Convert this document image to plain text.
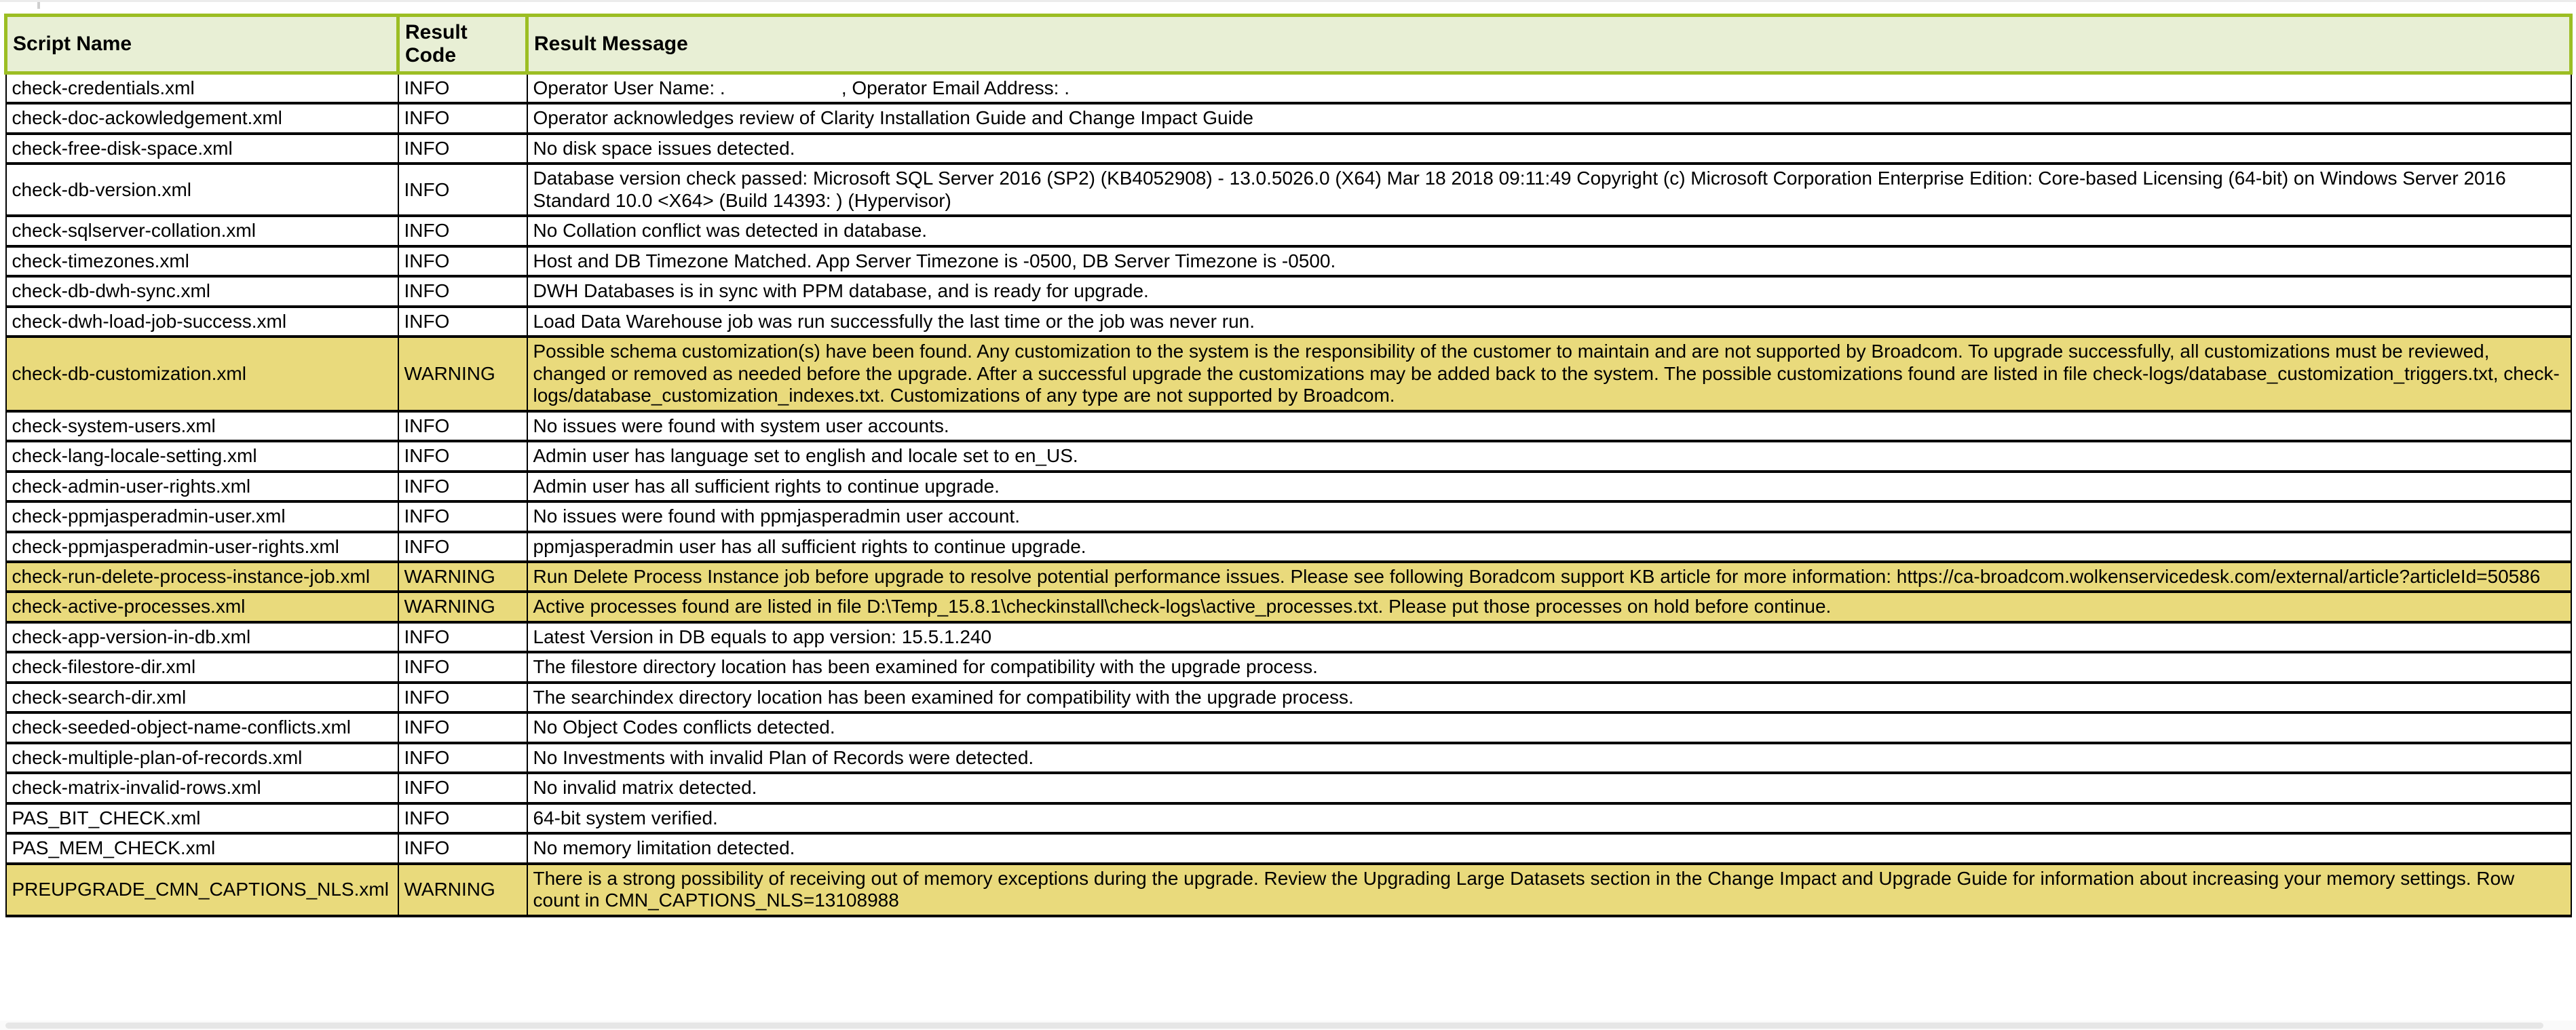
Script Name	Result Code	Result Message
check-credentials.xml	INFO	Operator User Name: .                      , Operator Email Address: .
check-doc-ackowledgement.xml	INFO	Operator acknowledges review of Clarity Installation Guide and Change Impact Guide
check-free-disk-space.xml	INFO	No disk space issues detected.
check-db-version.xml	INFO	Database version check passed: Microsoft SQL Server 2016 (SP2) (KB4052908) - 13.0.5026.0 (X64) Mar 18 2018 09:11:49 Copyright (c) Microsoft Corporation Enterprise Edition: Core-based Licensing (64-bit) on Windows Server 2016 Standard 10.0 <X64> (Build 14393: ) (Hypervisor)
check-sqlserver-collation.xml	INFO	No Collation conflict was detected in database.
check-timezones.xml	INFO	Host and DB Timezone Matched. App Server Timezone is -0500, DB Server Timezone is -0500.
check-db-dwh-sync.xml	INFO	DWH Databases is in sync with PPM database, and is ready for upgrade.
check-dwh-load-job-success.xml	INFO	Load Data Warehouse job was run successfully the last time or the job was never run.
check-db-customization.xml	WARNING	Possible schema customization(s) have been found. Any customization to the system is the responsibility of the customer to maintain and are not supported by Broadcom. To upgrade successfully, all customizations must be reviewed, changed or removed as needed before the upgrade. After a successful upgrade the customizations may be added back to the system. The possible customizations found are listed in file check-logs/database_customization_triggers.txt, check-logs/database_customization_indexes.txt. Customizations of any type are not supported by Broadcom.
check-system-users.xml	INFO	No issues were found with system user accounts.
check-lang-locale-setting.xml	INFO	Admin user has language set to english and locale set to en_US.
check-admin-user-rights.xml	INFO	Admin user has all sufficient rights to continue upgrade.
check-ppmjasperadmin-user.xml	INFO	No issues were found with ppmjasperadmin user account.
check-ppmjasperadmin-user-rights.xml	INFO	ppmjasperadmin user has all sufficient rights to continue upgrade.
check-run-delete-process-instance-job.xml	WARNING	Run Delete Process Instance job before upgrade to resolve potential performance issues. Please see following Boradcom support KB article for more information: https://ca-broadcom.wolkenservicedesk.com/external/article?articleId=50586
check-active-processes.xml	WARNING	Active processes found are listed in file D:\Temp_15.8.1\checkinstall\check-logs\active_processes.txt. Please put those processes on hold before continue.
check-app-version-in-db.xml	INFO	Latest Version in DB equals to app version: 15.5.1.240
check-filestore-dir.xml	INFO	The filestore directory location has been examined for compatibility with the upgrade process.
check-search-dir.xml	INFO	The searchindex directory location has been examined for compatibility with the upgrade process.
check-seeded-object-name-conflicts.xml	INFO	No Object Codes conflicts detected.
check-multiple-plan-of-records.xml	INFO	No Investments with invalid Plan of Records were detected.
check-matrix-invalid-rows.xml	INFO	No invalid matrix detected.
PAS_BIT_CHECK.xml	INFO	64-bit system verified.
PAS_MEM_CHECK.xml	INFO	No memory limitation detected.
PREUPGRADE_CMN_CAPTIONS_NLS.xml	WARNING	There is a strong possibility of receiving out of memory exceptions during the upgrade. Review the Upgrading Large Datasets section in the Change Impact and Upgrade Guide for information about increasing your memory settings. Row count in CMN_CAPTIONS_NLS=13108988
